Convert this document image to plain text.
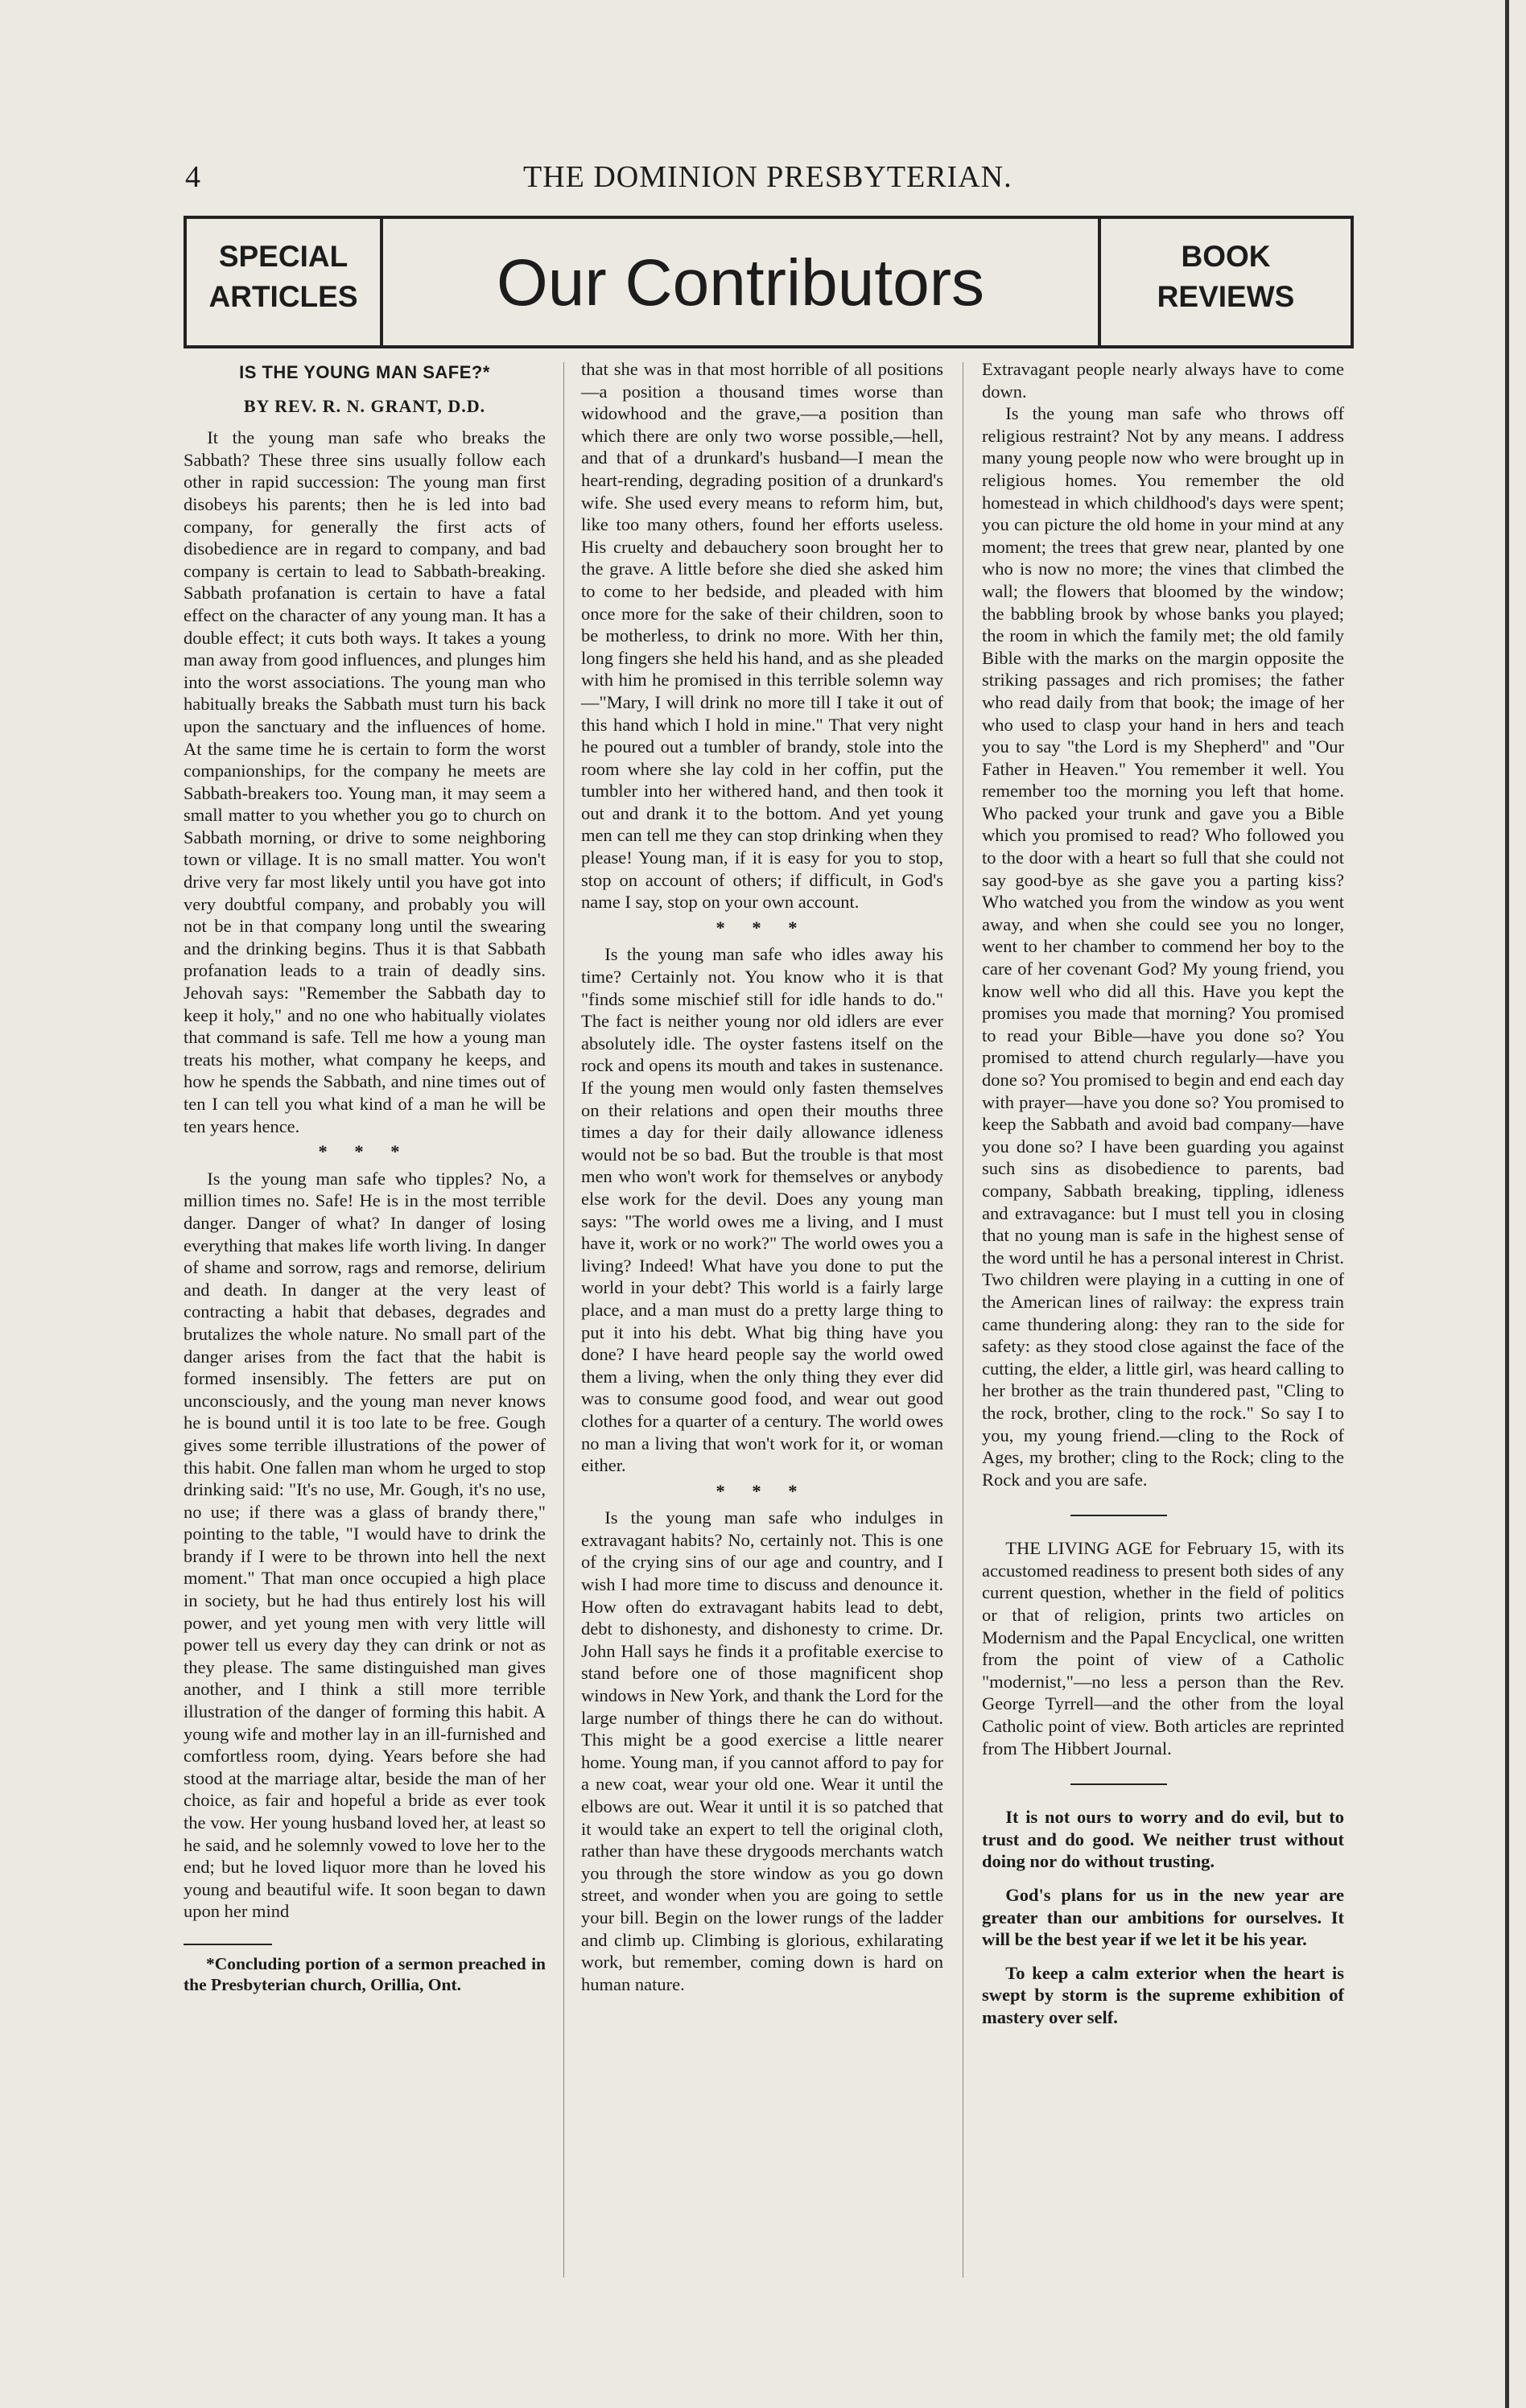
4	THE DOMINION PRESBYTERIAN.
SPECIAL
ARTICLES	Our Contributors	BOOK
REVIEWS
IS THE YOUNG MAN SAFE?*
BY REV. R. N. GRANT, D.D.

It the young man safe who breaks the Sabbath? These three sins usually follow each other in rapid succession: The young man first disobeys his parents; then he is led into bad company, for generally the first acts of disobedience are in regard to company, and bad company is certain to lead to Sabbath-breaking. Sabbath profanation is certain to have a fatal effect on the character of any young man. It has a double effect; it cuts both ways. It takes a young man away from good influences, and plunges him into the worst associations. The young man who habitually breaks the Sabbath must turn his back upon the sanctuary and the influences of home. At the same time he is certain to form the worst companionships, for the company he meets are Sabbath-breakers too. Young man, it may seem a small matter to you whether you go to church on Sabbath morning, or drive to some neighboring town or village. It is no small matter. You won't drive very far most likely until you have got into very doubtful company, and probably you will not be in that company long until the swearing and the drinking begins. Thus it is that Sabbath profanation leads to a train of deadly sins. Jehovah says: "Remember the Sabbath day to keep it holy," and no one who habitually violates that command is safe. Tell me how a young man treats his mother, what company he keeps, and how he spends the Sabbath, and nine times out of ten I can tell you what kind of a man he will be ten years hence.

* * *

Is the young man safe who tipples? No, a million times no. Safe! He is in the most terrible danger. Danger of what? In danger of losing everything that makes life worth living. In danger of shame and sorrow, rags and remorse, delirium and death. In danger at the very least of contracting a habit that debases, degrades and brutalizes the whole nature. No small part of the danger arises from the fact that the habit is formed insensibly. The fetters are put on unconsciously, and the young man never knows he is bound until it is too late to be free. Gough gives some terrible illustrations of the power of this habit. One fallen man whom he urged to stop drinking said: "It's no use, Mr. Gough, it's no use, no use; if there was a glass of brandy there," pointing to the table, "I would have to drink the brandy if I were to be thrown into hell the next moment." That man once occupied a high place in society, but he had thus entirely lost his will power, and yet young men with very little will power tell us every day they can drink or not as they please. The same distinguished man gives another, and I think a still more terrible illustration of the danger of forming this habit. A young wife and mother lay in an ill-furnished and comfortless room, dying. Years before she had stood at the marriage altar, beside the man of her choice, as fair and hopeful a bride as ever took the vow. Her young husband loved her, at least so he said, and he solemnly vowed to love her to the end; but he loved liquor more than he loved his young and beautiful wife. It soon began to dawn upon her mind

*Concluding portion of a sermon preached in the Presbyterian church, Orillia, Ont.

that she was in that most horrible of all positions—a position a thousand times worse than widowhood and the grave,—a position than which there are only two worse possible,—hell, and that of a drunkard's husband—I mean the heart-rending, degrading position of a drunkard's wife. She used every means to reform him, but, like too many others, found her efforts useless. His cruelty and debauchery soon brought her to the grave. A little before she died she asked him to come to her bedside, and pleaded with him once more for the sake of their children, soon to be motherless, to drink no more. With her thin, long fingers she held his hand, and as she pleaded with him he promised in this terrible solemn way—"Mary, I will drink no more till I take it out of this hand which I hold in mine." That very night he poured out a tumbler of brandy, stole into the room where she lay cold in her coffin, put the tumbler into her withered hand, and then took it out and drank it to the bottom. And yet young men can tell me they can stop drinking when they please! Young man, if it is easy for you to stop, stop on account of others; if difficult, in God's name I say, stop on your own account.

* * *

Is the young man safe who idles away his time? Certainly not. You know who it is that "finds some mischief still for idle hands to do." The fact is neither young nor old idlers are ever absolutely idle. The oyster fastens itself on the rock and opens its mouth and takes in sustenance. If the young men would only fasten themselves on their relations and open their mouths three times a day for their daily allowance idleness would not be so bad. But the trouble is that most men who won't work for themselves or anybody else work for the devil. Does any young man says: "The world owes me a living, and I must have it, work or no work?" The world owes you a living? Indeed! What have you done to put the world in your debt? This world is a fairly large place, and a man must do a pretty large thing to put it into his debt. What big thing have you done? I have heard people say the world owed them a living, when the only thing they ever did was to consume good food, and wear out good clothes for a quarter of a century. The world owes no man a living that won't work for it, or woman either.

* * *

Is the young man safe who indulges in extravagant habits? No, certainly not. This is one of the crying sins of our age and country, and I wish I had more time to discuss and denounce it. How often do extravagant habits lead to debt, debt to dishonesty, and dishonesty to crime. Dr. John Hall says he finds it a profitable exercise to stand before one of those magnificent shop windows in New York, and thank the Lord for the large number of things there he can do without. This might be a good exercise a little nearer home. Young man, if you cannot afford to pay for a new coat, wear your old one. Wear it until the elbows are out. Wear it until it is so patched that it would take an expert to tell the original cloth, rather than have these drygoods merchants watch you through the store window as you go down street, and wonder when you are going to settle your bill. Begin on the lower rungs of the ladder and climb up. Climbing is glorious, exhilarating work, but remember, coming down is hard on human nature.

Extravagant people nearly always have to come down.

Is the young man safe who throws off religious restraint? Not by any means. I address many young people now who were brought up in religious homes. You remember the old homestead in which childhood's days were spent; you can picture the old home in your mind at any moment; the trees that grew near, planted by one who is now no more; the vines that climbed the wall; the flowers that bloomed by the window; the babbling brook by whose banks you played; the room in which the family met; the old family Bible with the marks on the margin opposite the striking passages and rich promises; the father who read daily from that book; the image of her who used to clasp your hand in hers and teach you to say "the Lord is my Shepherd" and "Our Father in Heaven." You remember it well. You remember too the morning you left that home. Who packed your trunk and gave you a Bible which you promised to read? Who followed you to the door with a heart so full that she could not say good-bye as she gave you a parting kiss? Who watched you from the window as you went away, and when she could see you no longer, went to her chamber to commend her boy to the care of her covenant God? My young friend, you know well who did all this. Have you kept the promises you made that morning? You promised to read your Bible—have you done so? You promised to attend church regularly—have you done so? You promised to begin and end each day with prayer—have you done so? You promised to keep the Sabbath and avoid bad company—have you done so? I have been guarding you against such sins as disobedience to parents, bad company, Sabbath breaking, tippling, idleness and extravagance: but I must tell you in closing that no young man is safe in the highest sense of the word until he has a personal interest in Christ. Two children were playing in a cutting in one of the American lines of railway: the express train came thundering along: they ran to the side for safety: as they stood close against the face of the cutting, the elder, a little girl, was heard calling to her brother as the train thundered past, "Cling to the rock, brother, cling to the rock." So say I to you, my young friend.—cling to the Rock of Ages, my brother; cling to the Rock; cling to the Rock and you are safe.

THE LIVING AGE for February 15, with its accustomed readiness to present both sides of any current question, whether in the field of politics or that of religion, prints two articles on Modernism and the Papal Encyclical, one written from the point of view of a Catholic "modernist,"—no less a person than the Rev. George Tyrrell—and the other from the loyal Catholic point of view. Both articles are reprinted from The Hibbert Journal.

It is not ours to worry and do evil, but to trust and do good. We neither trust without doing nor do without trusting.

God's plans for us in the new year are greater than our ambitions for ourselves. It will be the best year if we let it be his year.

To keep a calm exterior when the heart is swept by storm is the supreme exhibition of mastery over self.
